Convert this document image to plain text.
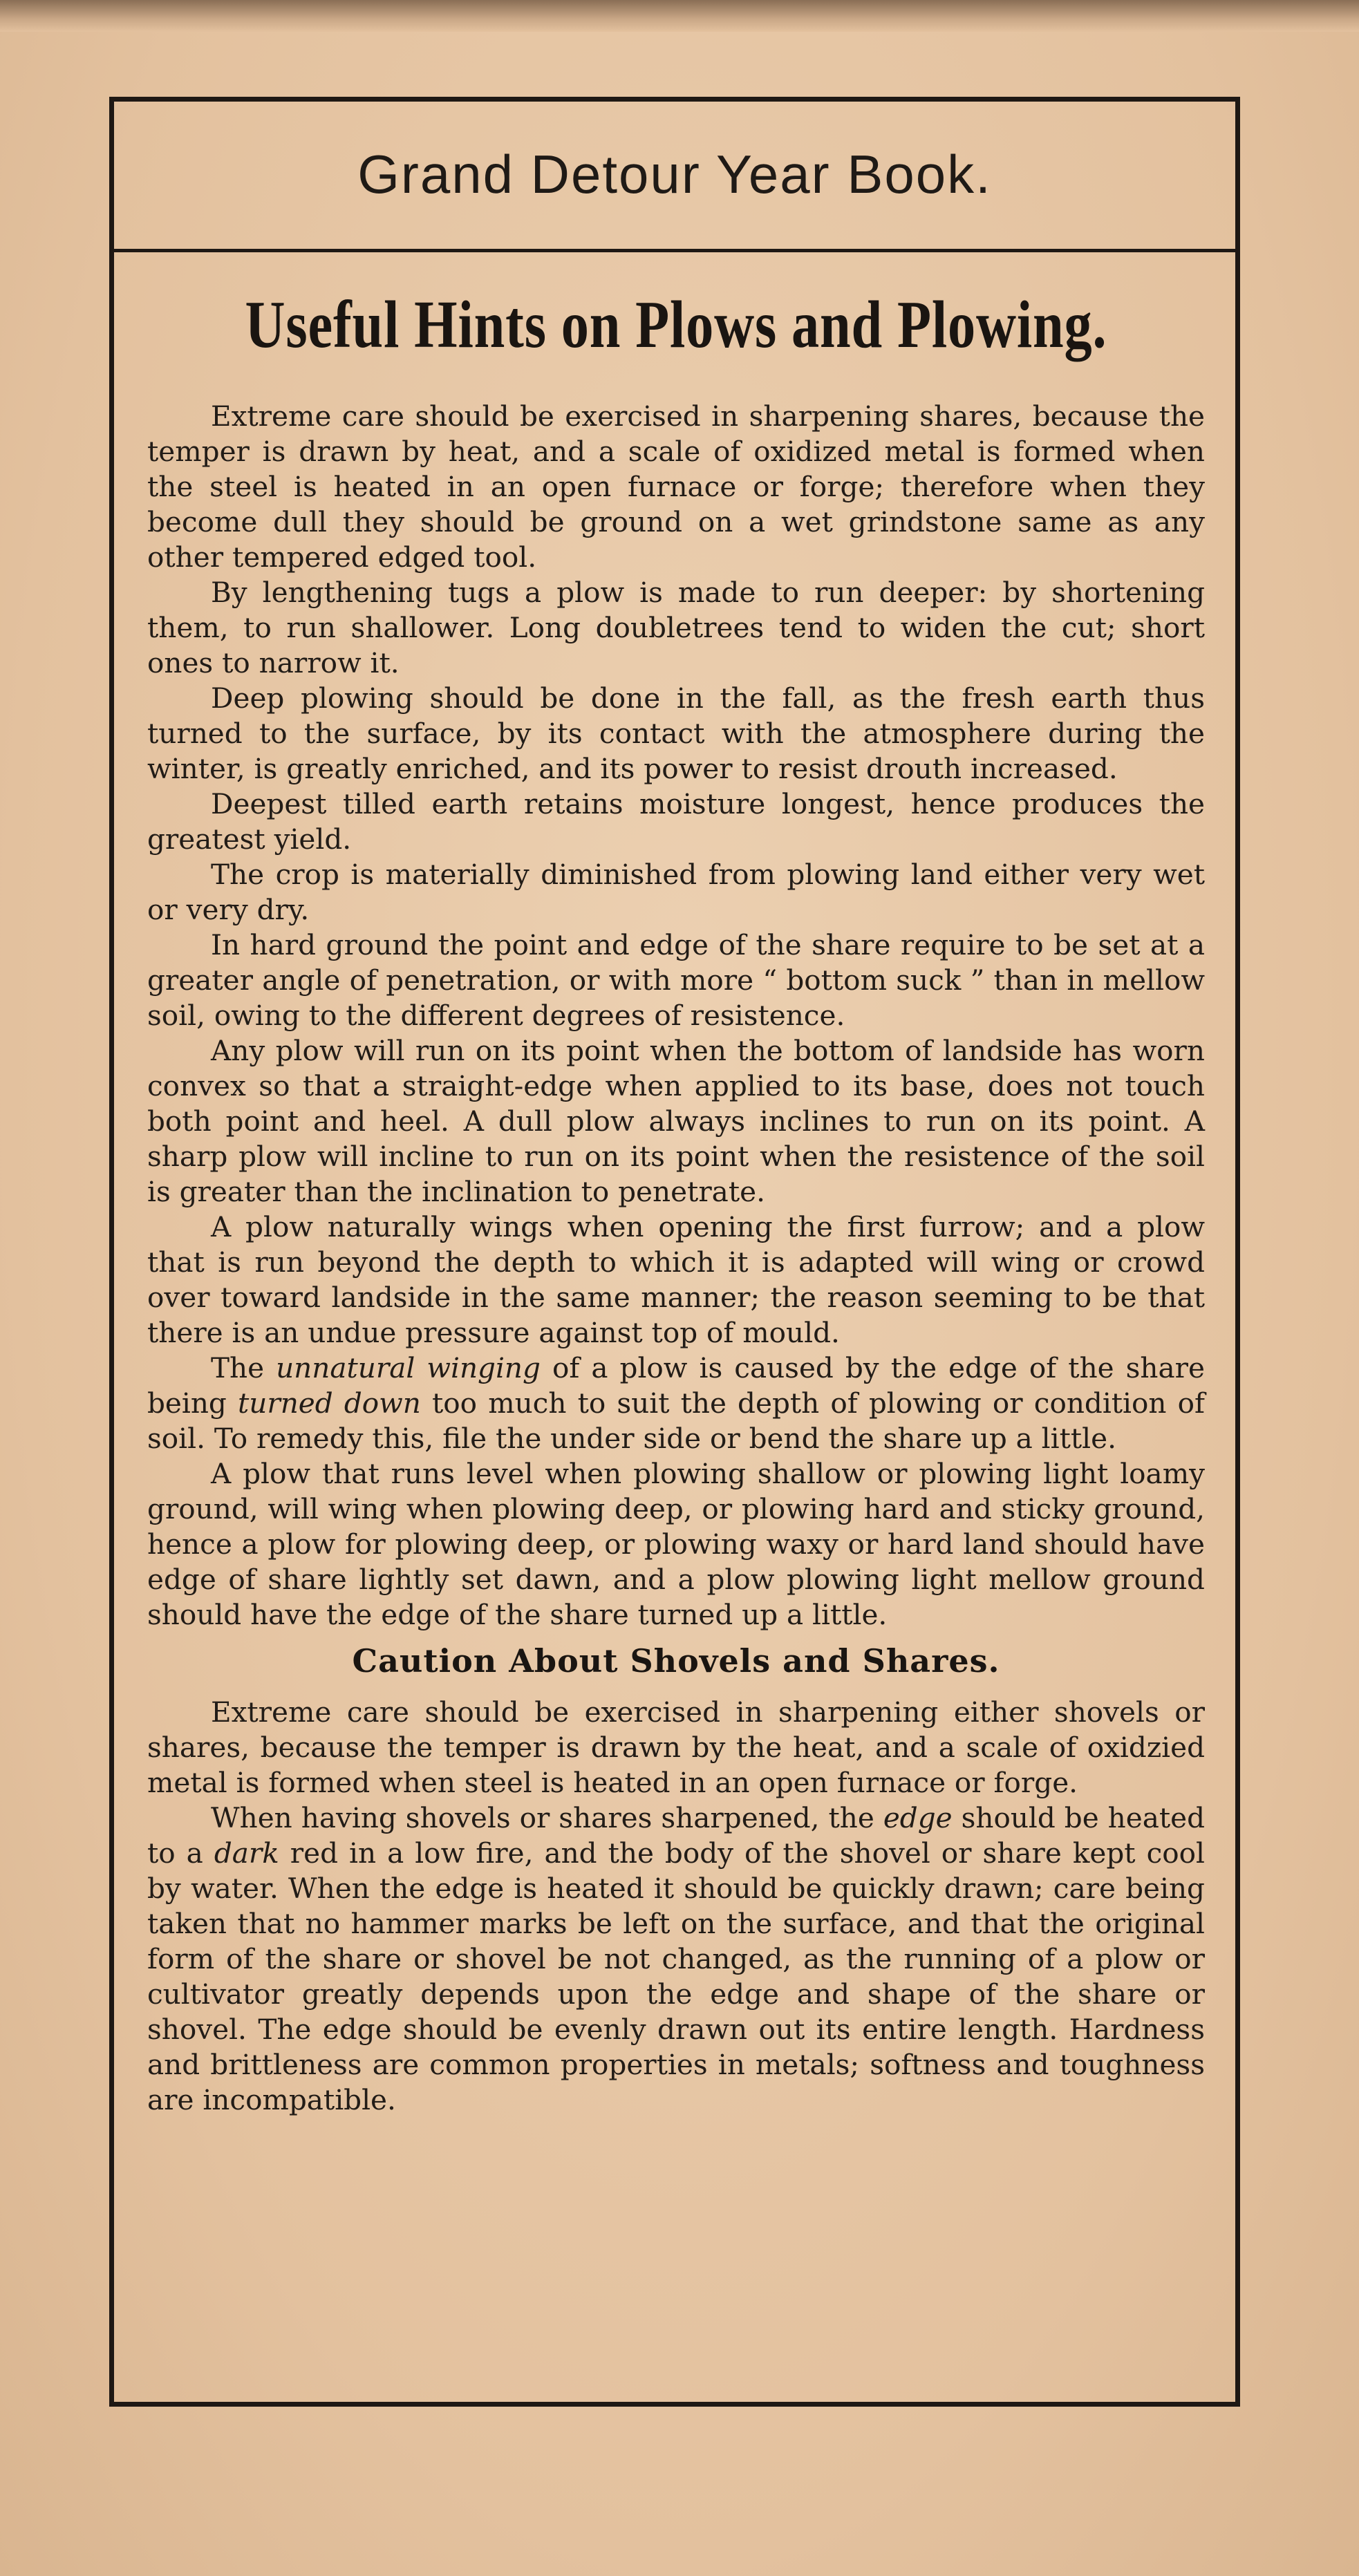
Grand Detour Year Book.
Useful Hints on Plows and Plowing.

Extreme care should be exercised in sharpening shares, because the temper is drawn by heat, and a scale of oxidized metal is formed when the steel is heated in an open furnace or forge; therefore when they become dull they should be ground on a wet grindstone same as any other tempered edged tool.

By lengthening tugs a plow is made to run deeper: by shortening them, to run shallower. Long doubletrees tend to widen the cut; short ones to narrow it.

Deep plowing should be done in the fall, as the fresh earth thus turned to the surface, by its contact with the atmosphere during the winter, is greatly enriched, and its power to resist drouth increased.

Deepest tilled earth retains moisture longest, hence produces the greatest yield.

The crop is materially diminished from plowing land either very wet or very dry.

In hard ground the point and edge of the share require to be set at a greater angle of penetration, or with more “ bottom suck ” than in mellow soil, owing to the different degrees of resistence.

Any plow will run on its point when the bottom of landside has worn convex so that a straight-edge when applied to its base, does not touch both point and heel. A dull plow always inclines to run on its point. A sharp plow will incline to run on its point when the resistence of the soil is greater than the inclination to penetrate.

A plow naturally wings when opening the first furrow; and a plow that is run beyond the depth to which it is adapted will wing or crowd over toward landside in the same manner; the reason seeming to be that there is an undue pressure against top of mould.

The unnatural winging of a plow is caused by the edge of the share being turned down too much to suit the depth of plowing or condition of soil. To remedy this, file the under side or bend the share up a little.

A plow that runs level when plowing shallow or plowing light loamy ground, will wing when plowing deep, or plowing hard and sticky ground, hence a plow for plowing deep, or plowing waxy or hard land should have edge of share lightly set dawn, and a plow plowing light mellow ground should have the edge of the share turned up a little.

Caution About Shovels and Shares.

Extreme care should be exercised in sharpening either shovels or shares, because the temper is drawn by the heat, and a scale of oxidzied metal is formed when steel is heated in an open furnace or forge.

When having shovels or shares sharpened, the edge should be heated to a dark red in a low fire, and the body of the shovel or share kept cool by water. When the edge is heated it should be quickly drawn; care being taken that no hammer marks be left on the surface, and that the original form of the share or shovel be not changed, as the running of a plow or cultivator greatly depends upon the edge and shape of the share or shovel. The edge should be evenly drawn out its entire length. Hardness and brittleness are common properties in metals; softness and toughness are incompatible.
